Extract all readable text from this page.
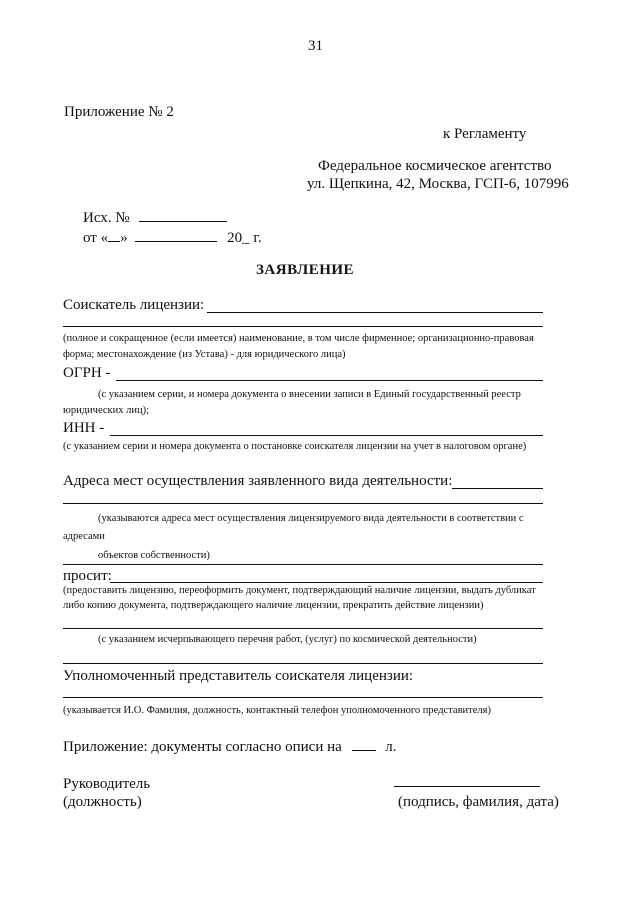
31
Приложение № 2
к Регламенту
Федеральное космическое агентство
ул. Щепкина, 42, Москва, ГСП-6, 107996
Исх. №
от « »	20_ г.
ЗАЯВЛЕНИЕ
Соискатель лицензии:
(полное и сокращенное (если имеется) наименование, в том числе фирменное; организационно-правовая
форма; местонахождение (из Устава) - для юридического лица)
ОГРН -
(с указанием серии, и номера документа о внесении записи в Единый государственный реестр
юридических лиц);
ИНН -
(с указанием серии и номера документа о постановке соискателя лицензии на учет в налоговом органе)
Адреса мест осуществления заявленного вида деятельности:
(указываются адреса мест осуществления лицензируемого вида деятельности в соответствии с
адресами
объектов собственности)
просит:
(предоставить лицензию, переоформить документ, подтверждающий наличие лицензии, выдать дубликат
либо копию документа, подтверждающего наличие лицензии, прекратить действие лицензии)
(с указанием исчерпывающего перечня работ, (услуг) по космической деятельности)
Уполномоченный представитель соискателя лицензии:
(указывается И.О. Фамилия, должность, контактный телефон уполномоченного представителя)
Приложение: документы согласно описи на	л.
Руководитель
(должность)	(подпись, фамилия, дата)
